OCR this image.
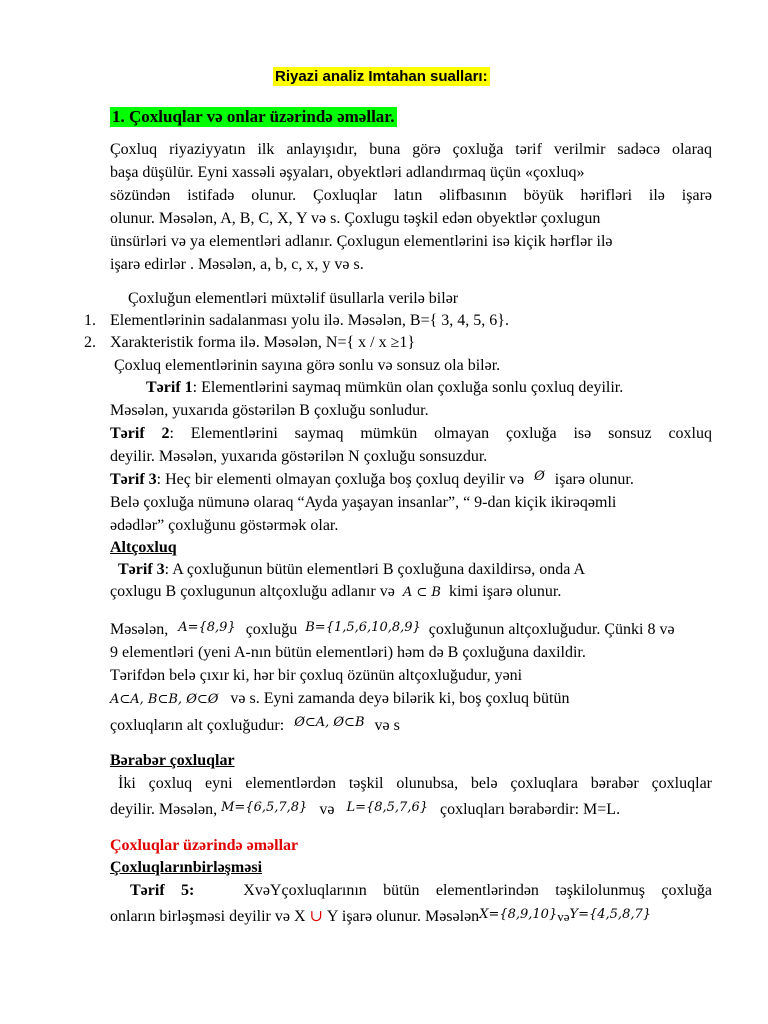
Riyazi analiz Imtahan sualları:
1. Çoxluqlar və onlar üzərində əməllar.
Çoxluq riyaziyyatın ilk anlayışıdır, buna görə çoxluğa tərif verilmir sadəcə olaraq
başa düşülür. Eyni xassəli əşyaları, obyektləri adlandırmaq üçün «çoxluq»
sözündən istifadə olunur. Çoxluqlar latın əlifbasının böyük hərifləri ilə işarə
olunur. Məsələn, A, B, C, X, Y və s. Çoxlugu təşkil edən obyektlər çoxlugun
ünsürləri və ya elementləri adlanır. Çoxlugun elementlərini isə kiçik hərflər ilə
işarə edirlər . Məsələn, a, b, c, x, y və s.
Çoxluğun elementləri müxtəlif üsullarla verilə bilər
1. Elementlərinin sadalanması yolu ilə. Məsələn, B={ 3, 4, 5, 6}.
2. Xarakteristik forma ilə. Məsələn, N={ x / x ≥1}
Çoxluq elementlərinin sayına görə sonlu və sonsuz ola bilər.
Tərif 1: Elementlərini saymaq mümkün olan çoxluğa sonlu çoxluq deyilir.
Məsələn, yuxarıda göstərilən B çoxluğu sonludur.
Tərif 2: Elementlərini saymaq mümkün olmayan çoxluğa isə sonsuz coxluq
deyilir. Məsələn, yuxarıda göstərilən N çoxluğu sonsuzdur.
Tərif 3: Heç bir elementi olmayan çoxluğa boş çoxluq deyilir və $^Ø$ işarə olunur.
Belə çoxluğa nümunə olaraq “Ayda yaşayan insanlar”, “ 9-dan kiçik ikirəqəmli
ədədlər” çoxluğunu göstərmək olar.
Altçoxluq
Tərif 3: A çoxluğunun bütün elementləri B çoxluğuna daxildirsə, onda A
çoxlugu B çoxlugunun altçoxluğu adlanır və A ⊂ B kimi işarə olunur.
Məsələn, A={8,9} çoxluğu B={1,5,6,10,8,9} çoxluğunun altçoxluğudur. Çünki 8 və
9 elementləri (yeni A-nın bütün elementləri) həm də B çoxluğuna daxildir.
Tərifdən belə çıxır ki, hər bir çoxluq özünün altçoxluğudur, yəni
A⊂A, B⊂B, Ø⊂Ø və s. Eyni zamanda deyə bilərik ki, boş çoxluq bütün
çoxluqların alt çoxluğudur: $^{Ø\subset A, Ø\subset B}$ və s
Bərabər çoxluqlar
İki çoxluq eyni elementlərdən təşkil olunubsa, belə çoxluqlara bərabər çoxluqlar
deyilir. Məsələn, M={6,5,7,8} və L={8,5,7,6} çoxluqları bərabərdir: M=L.
Çoxluqlar üzərində əməllar
Çoxluqlarınbirləşməsi
Tərif 5:	XvəYçoxluqlarının bütün elementlərindən təşkilolunmuş çoxluğa
onların birləşməsi deyilir və X ∪ Y işarə olunur. MəsələnX={8,9,10}vəY={4,5,8,7}
